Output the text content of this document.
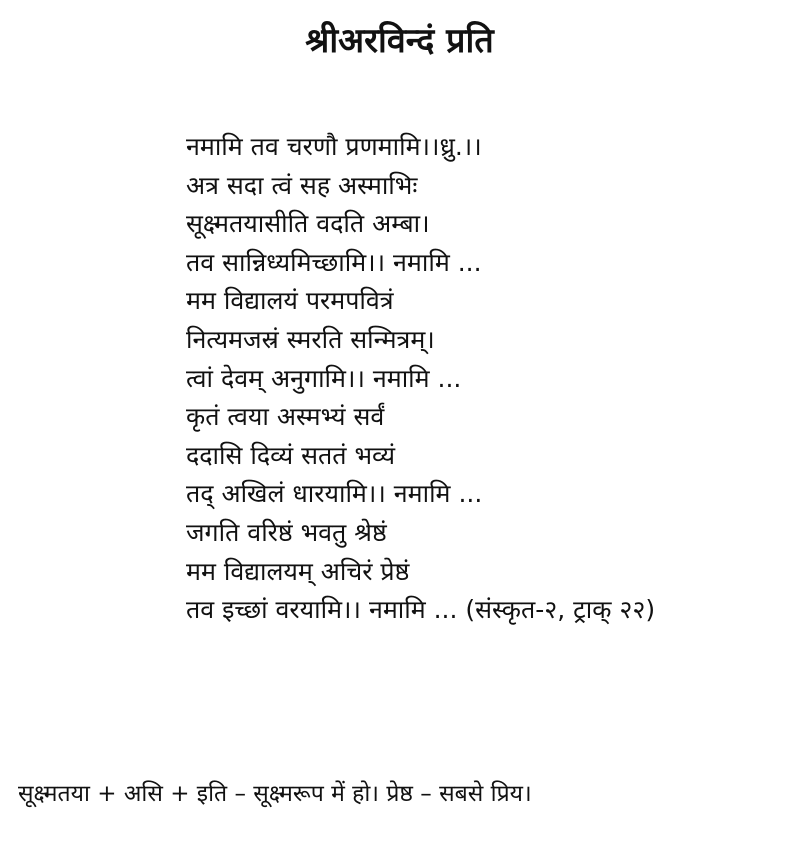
श्रीअरविन्दं प्रति
नमामि तव चरणौ प्रणमामि।।ध्रु.।।
अत्र सदा त्वं सह अस्माभिः
सूक्ष्मतयासीति वदति अम्बा।
तव सान्निध्यमिच्छामि।। नमामि ...
मम विद्यालयं परमपवित्रं
नित्यमजस्रं स्मरति सन्मित्रम्।
त्वां देवम् अनुगामि।। नमामि ...
कृतं त्वया अस्मभ्यं सर्वं
ददासि दिव्यं सततं भव्यं
तद् अखिलं धारयामि।। नमामि ...
जगति वरिष्ठं भवतु श्रेष्ठं
मम विद्यालयम् अचिरं प्रेष्ठं
तव इच्छां वरयामि।। नमामि ... (संस्कृत-२, ट्राक् २२)
सूक्ष्मतया + असि + इति – सूक्ष्मरूप में हो। प्रेष्ठ – सबसे प्रिय।
